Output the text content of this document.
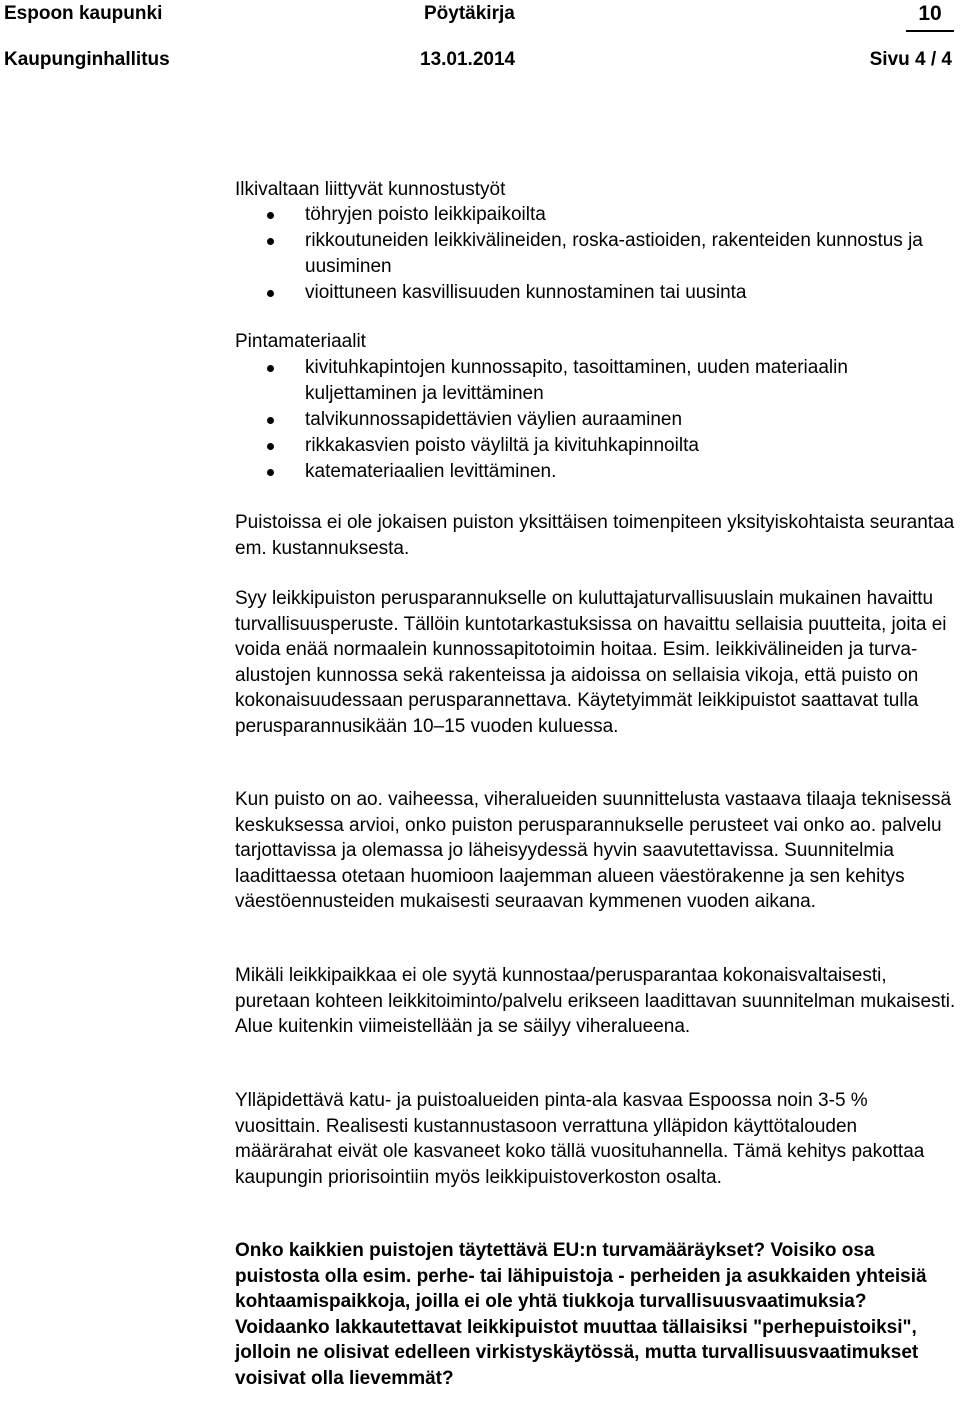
Espoon kaupunki	Pöytäkirja	10
Kaupunginhallitus	13.01.2014	Sivu 4 / 4
Ilkivaltaan liittyvät kunnostustyöt
töhryjen poisto leikkipaikoilta
rikkoutuneiden leikkivälineiden, roska-astioiden, rakenteiden kunnostus ja uusiminen
vioittuneen kasvillisuuden kunnostaminen tai uusinta
Pintamateriaalit
kivituhkapintojen kunnossapito, tasoittaminen, uuden materiaalin kuljettaminen ja levittäminen
talvikunnossapidettävien väylien auraaminen
rikkakasvien poisto väyliltä ja kivituhkapinnoilta
katemateriaalien levittäminen.

Puistoissa ei ole jokaisen puiston yksittäisen toimenpiteen yksityiskohtaista seurantaa em. kustannuksesta.

Syy leikkipuiston perusparannukselle on kuluttajaturvallisuuslain mukainen havaittu turvallisuusperuste. Tällöin kuntotarkastuksissa on havaittu sellaisia puutteita, joita ei voida enää normaalein kunnossapitotoimin hoitaa. Esim. leikkivälineiden ja turva-alustojen kunnossa sekä rakenteissa ja aidoissa on sellaisia vikoja, että puisto on kokonaisuudessaan perusparannettava. Käytetyimmät leikkipuistot saattavat tulla perusparannusikään 10–15 vuoden kuluessa.

Kun puisto on ao. vaiheessa, viheralueiden suunnittelusta vastaava tilaaja teknisessä keskuksessa arvioi, onko puiston perusparannukselle perusteet vai onko ao. palvelu tarjottavissa ja olemassa jo läheisyydessä hyvin saavutettavissa. Suunnitelmia laadittaessa otetaan huomioon laajemman alueen väestörakenne ja sen kehitys väestöennusteiden mukaisesti seuraavan kymmenen vuoden aikana.

Mikäli leikkipaikkaa ei ole syytä kunnostaa/perusparantaa kokonaisvaltaisesti, puretaan kohteen leikkitoiminto/palvelu erikseen laadittavan suunnitelman mukaisesti. Alue kuitenkin viimeistellään ja se säilyy viheralueena.

Ylläpidettävä katu- ja puistoalueiden pinta-ala kasvaa Espoossa noin 3-5 % vuosittain. Realisesti kustannustasoon verrattuna ylläpidon käyttötalouden määrärahat eivät ole kasvaneet koko tällä vuosituhannella. Tämä kehitys pakottaa kaupungin priorisointiin myös leikkipuistoverkoston osalta.

Onko kaikkien puistojen täytettävä EU:n turvamääräykset? Voisiko osa puistosta olla esim. perhe- tai lähipuistoja - perheiden ja asukkaiden yhteisiä kohtaamispaikkoja, joilla ei ole yhtä tiukkoja turvallisuusvaatimuksia? Voidaanko lakkautettavat leikkipuistot muuttaa tällaisiksi "perhepuistoiksi", jolloin ne olisivat edelleen virkistyskäytössä, mutta turvallisuusvaatimukset voisivat olla lievemmät?
